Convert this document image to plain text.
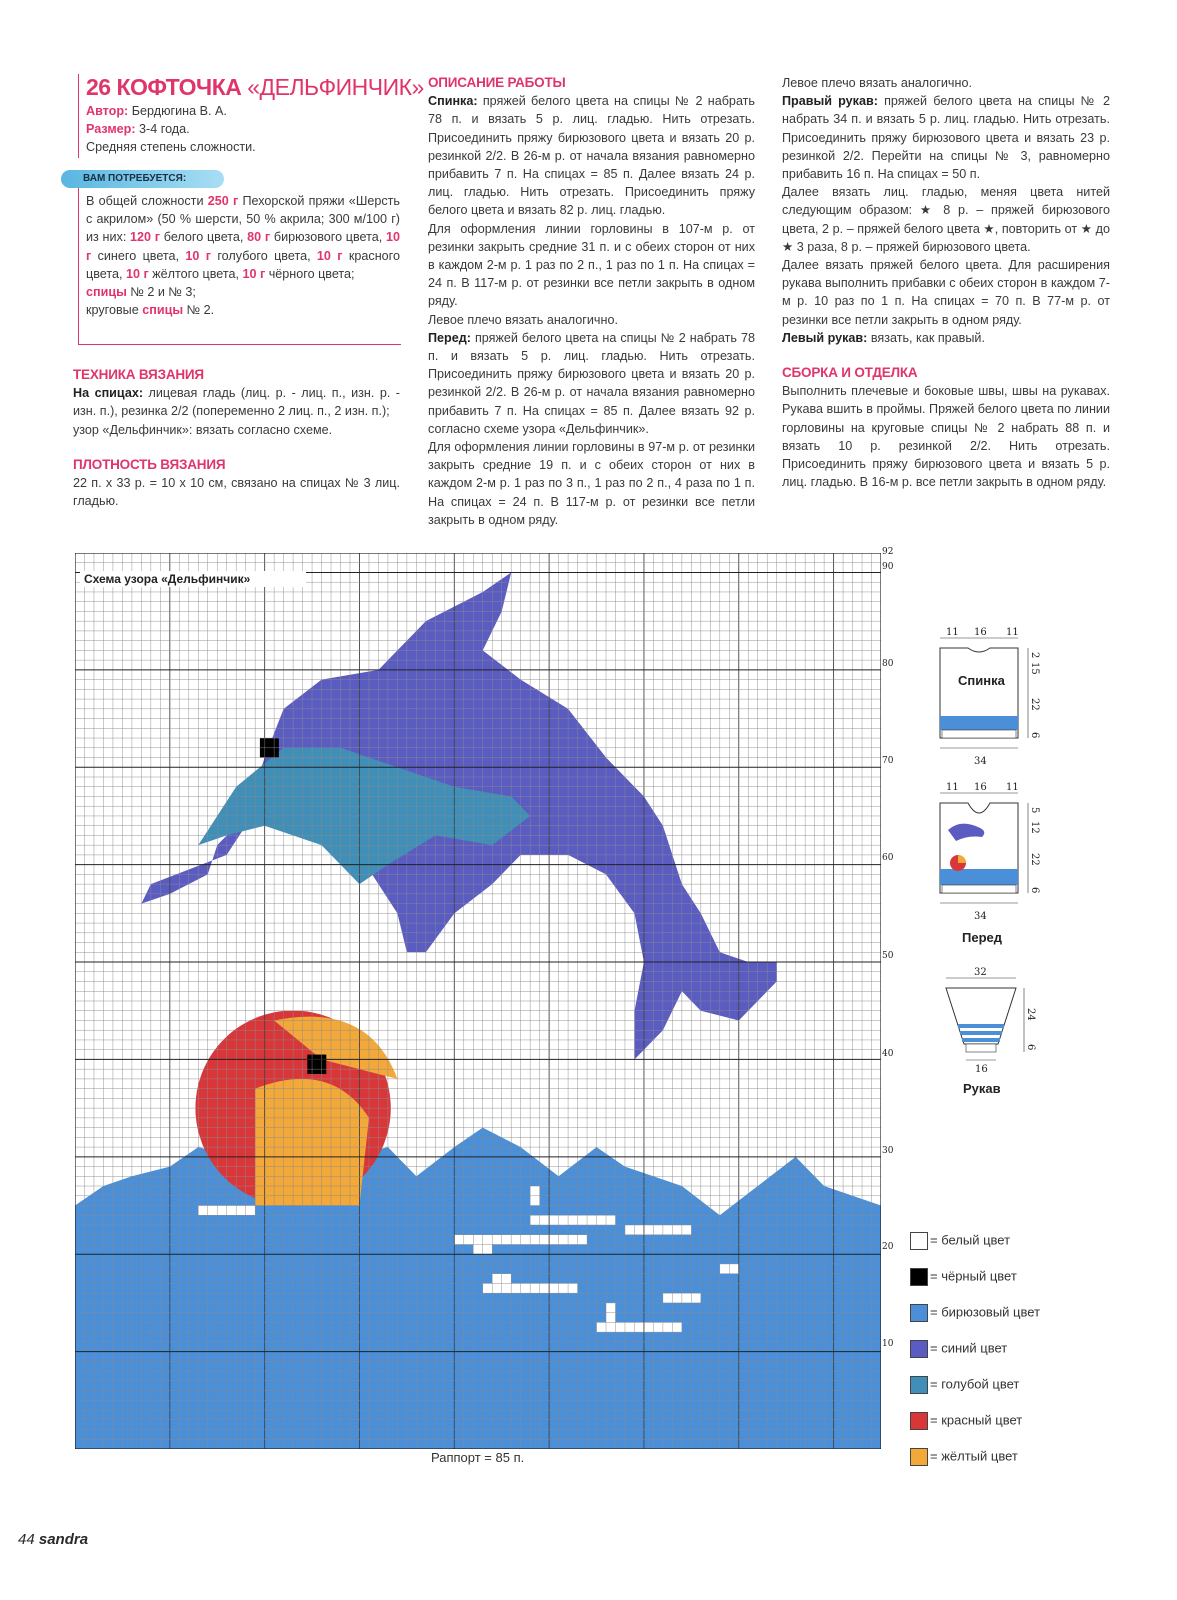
26 КОФТОЧКА «ДЕЛЬФИНЧИК»
Автор: Бердюгина В. А.
Размер: 3-4 года.
Средняя степень сложности.
ВАМ ПОТРЕБУЕТСЯ:
В общей сложности 250 г Пехорской пряжи «Шерсть с акрилом» (50 % шерсти, 50 % акрила; 300 м/100 г) из них: 120 г белого цвета, 80 г бирюзового цвета, 10 г синего цвета, 10 г голубого цвета, 10 г красного цвета, 10 г жёлтого цвета, 10 г чёрного цвета;
спицы № 2 и № 3;
круговые спицы № 2.
ТЕХНИКА ВЯЗАНИЯ

На спицах: лицевая гладь (лиц. р. - лиц. п., изн. р. - изн. п.), резинка 2/2 (попеременно 2 лиц. п., 2 изн. п.);

узор «Дельфинчик»: вязать согласно схеме.

ПЛОТНОСТЬ ВЯЗАНИЯ

22 п. х 33 р. = 10 х 10 см, связано на спицах № 3 лиц. гладью.

ОПИСАНИЕ РАБОТЫ

Спинка: пряжей белого цвета на спицы № 2 набрать 78 п. и вязать 5 р. лиц. гладью. Нить отрезать. Присоединить пряжу бирюзового цвета и вязать 20 р. резинкой 2/2. В 26-м р. от начала вязания равномерно прибавить 7 п. На спицах = 85 п. Далее вязать 24 р. лиц. гладью. Нить отрезать. Присоединить пряжу белого цвета и вязать 82 р. лиц. гладью.

Для оформления линии горловины в 107-м р. от резинки закрыть средние 31 п. и с обеих сторон от них в каждом 2-м р. 1 раз по 2 п., 1 раз по 1 п. На спицах = 24 п. В 117-м р. от резинки все петли закрыть в одном ряду.

Левое плечо вязать аналогично.

Перед: пряжей белого цвета на спицы № 2 набрать 78 п. и вязать 5 р. лиц. гладью. Нить отрезать. Присоединить пряжу бирюзового цвета и вязать 20 р. резинкой 2/2. В 26-м р. от начала вязания равномерно прибавить 7 п. На спицах = 85 п. Далее вязать 92 р. согласно схеме узора «Дельфинчик».

Для оформления линии горловины в 97-м р. от резинки закрыть средние 19 п. и с обеих сторон от них в каждом 2-м р. 1 раз по 3 п., 1 раз по 2 п., 4 раза по 1 п. На спицах = 24 п. В 117-м р. от резинки все петли закрыть в одном ряду.

Левое плечо вязать аналогично.

Правый рукав: пряжей белого цвета на спицы № 2 набрать 34 п. и вязать 5 р. лиц. гладью. Нить отрезать. Присоединить пряжу бирюзового цвета и вязать 23 р. резинкой 2/2. Перейти на спицы № 3, равномерно прибавить 16 п. На спицах = 50 п.

Далее вязать лиц. гладью, меняя цвета нитей следующим образом: ★ 8 р. – пряжей бирюзового цвета, 2 р. – пряжей белого цвета ★, повторить от ★ до ★ 3 раза, 8 р. – пряжей бирюзового цвета.

Далее вязать пряжей белого цвета. Для расширения рукава выполнить прибавки с обеих сторон в каждом 7-м р. 10 раз по 1 п. На спицах = 70 п. В 77-м р. от резинки все петли закрыть в одном ряду.

Левый рукав: вязать, как правый.

СБОРКА И ОТДЕЛКА

Выполнить плечевые и боковые швы, швы на рукавах. Рукава вшить в проймы. Пряжей белого цвета по линии горловины на круговые спицы № 2 набрать 88 п. и вязать 10 р. резинкой 2/2. Нить отрезать. Присоединить пряжу бирюзового цвета и вязать 5 р. лиц. гладью. В 16-м р. все петли закрыть в одном ряду.

Схема узора «Дельфинчик»
92
90
80
70
60
50
40
30
20
10
Раппорт = 85 п.
11 16 11
34
2
15
22
6
11 16 11
34
5
12
22
6
32
16
24
6
Спинка
Перед
Рукав
= белый цвет
= чёрный цвет
= бирюзовый цвет
= синий цвет
= голубой цвет
= красный цвет
= жёлтый цвет
44 sandra
